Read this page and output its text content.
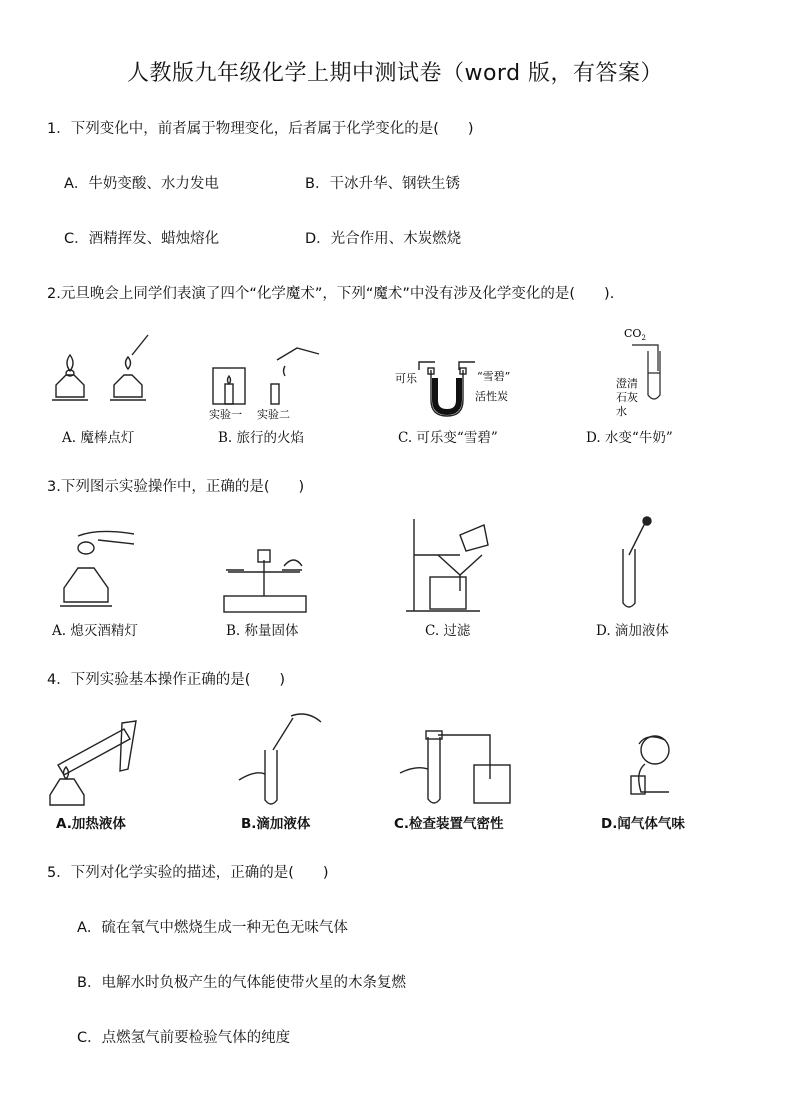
人教版九年级化学上期中测试卷（word 版，有答案）
1．下列变化中，前者属于物理变化，后者属于化学变化的是(　　)
A．牛奶变酸、水力发电	B．干冰升华、钢铁生锈
C．酒精挥发、蜡烛熔化	D．光合作用、木炭燃烧
2.元旦晚会上同学们表演了四个“化学魔术”，下列“魔术”中没有涉及化学变化的是(　　).
A. 魔棒点灯
实验一 实验二
B. 旅行的火焰
可乐	“雪碧”
活性炭
C. 可乐变“雪碧”
$CO_2$
澄清
石灰
水
D. 水变“牛奶”
3.下列图示实验操作中，正确的是(　　)
A. 熄灭酒精灯	B. 称量固体	C. 过滤	D. 滴加液体
4．下列实验基本操作正确的是(　　)
A.加热液体	B.滴加液体	C.检查装置气密性	D.闻气体气味
5．下列对化学实验的描述，正确的是(　　)
A．硫在氧气中燃烧生成一种无色无味气体
B．电解水时负极产生的气体能使带火星的木条复燃
C．点燃氢气前要检验气体的纯度
